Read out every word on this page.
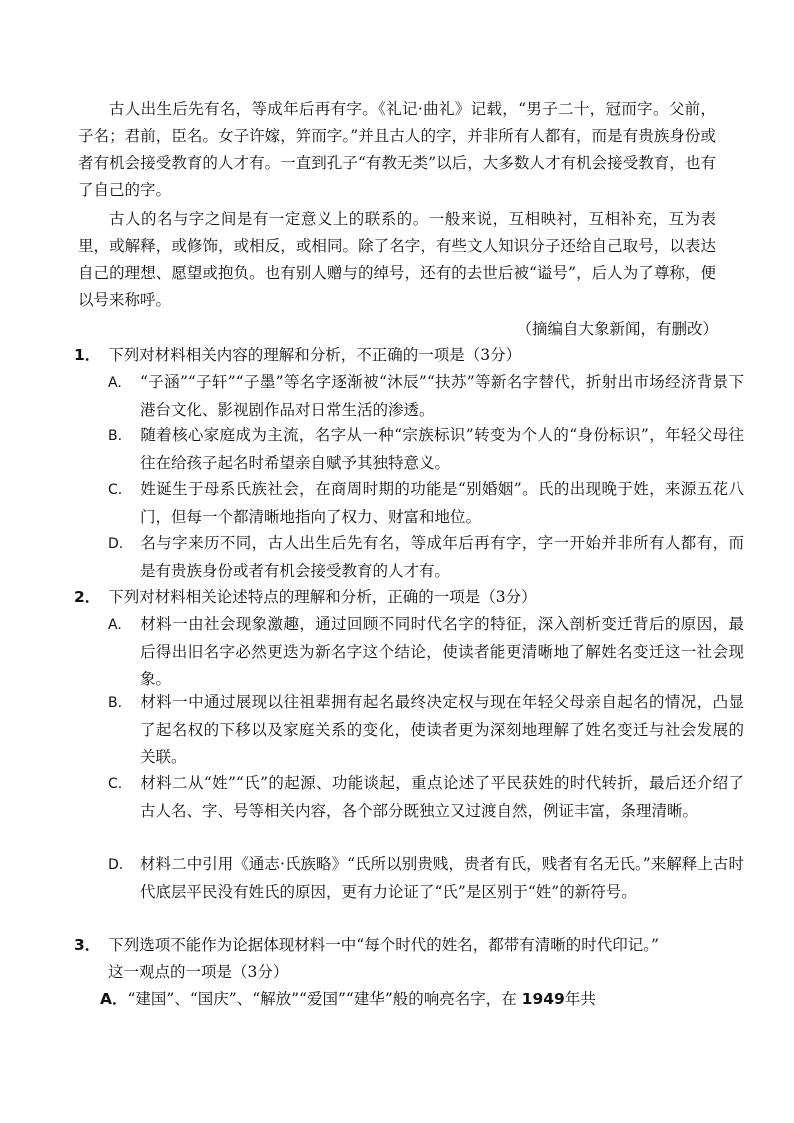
古人出生后先有名，等成年后再有字。《礼记·曲礼》记载，“男子二十，冠而字。父前，子名；君前，臣名。女子许嫁，笄而字。”并且古人的字，并非所有人都有，而是有贵族身份或者有机会接受教育的人才有。一直到孔子“有教无类”以后，大多数人才有机会接受教育，也有了自己的字。

古人的名与字之间是有一定意义上的联系的。一般来说，互相映衬，互相补充，互为表里，或解释，或修饰，或相反，或相同。除了名字，有些文人知识分子还给自己取号，以表达自己的理想、愿望或抱负。也有别人赠与的绰号，还有的去世后被“谥号”，后人为了尊称，便以号来称呼。

（摘编自大象新闻，有删改）

1． 下列对材料相关内容的理解和分析，不正确的一项是（3分）

A. “子涵”“子轩”“子墨”等名字逐渐被“沐辰”“扶苏”等新名字替代，折射出市场经济背景下港台文化、影视剧作品对日常生活的渗透。

B. 随着核心家庭成为主流，名字从一种“宗族标识”转变为个人的“身份标识”，年轻父母往往在给孩子起名时希望亲自赋予其独特意义。

C. 姓诞生于母系氏族社会，在商周时期的功能是“别婚姻”。氏的出现晚于姓，来源五花八门，但每一个都清晰地指向了权力、财富和地位。

D. 名与字来历不同，古人出生后先有名，等成年后再有字，字一开始并非所有人都有，而是有贵族身份或者有机会接受教育的人才有。

2． 下列对材料相关论述特点的理解和分析，正确的一项是（3分）

A. 材料一由社会现象激趣，通过回顾不同时代名字的特征，深入剖析变迁背后的原因，最后得出旧名字必然更迭为新名字这个结论，使读者能更清晰地了解姓名变迁这一社会现象。

B. 材料一中通过展现以往祖辈拥有起名最终决定权与现在年轻父母亲自起名的情况，凸显了起名权的下移以及家庭关系的变化，使读者更为深刻地理解了姓名变迁与社会发展的关联。

C. 材料二从“姓”“氏”的起源、功能谈起，重点论述了平民获姓的时代转折，最后还介绍了古人名、字、号等相关内容，各个部分既独立又过渡自然，例证丰富，条理清晰。

D. 材料二中引用《通志·氏族略》“氏所以别贵贱，贵者有氏，贱者有名无氏。”来解释上古时代底层平民没有姓氏的原因，更有力论证了“氏”是区别于“姓”的新符号。

3． 下列选项不能作为论据体现材料一中“每个时代的姓名，都带有清晰的时代印记。”

这一观点的一项是（3分）

A．“建国”、“国庆”、“解放”“爱国”“建华”般的响亮名字，在 1949年共
